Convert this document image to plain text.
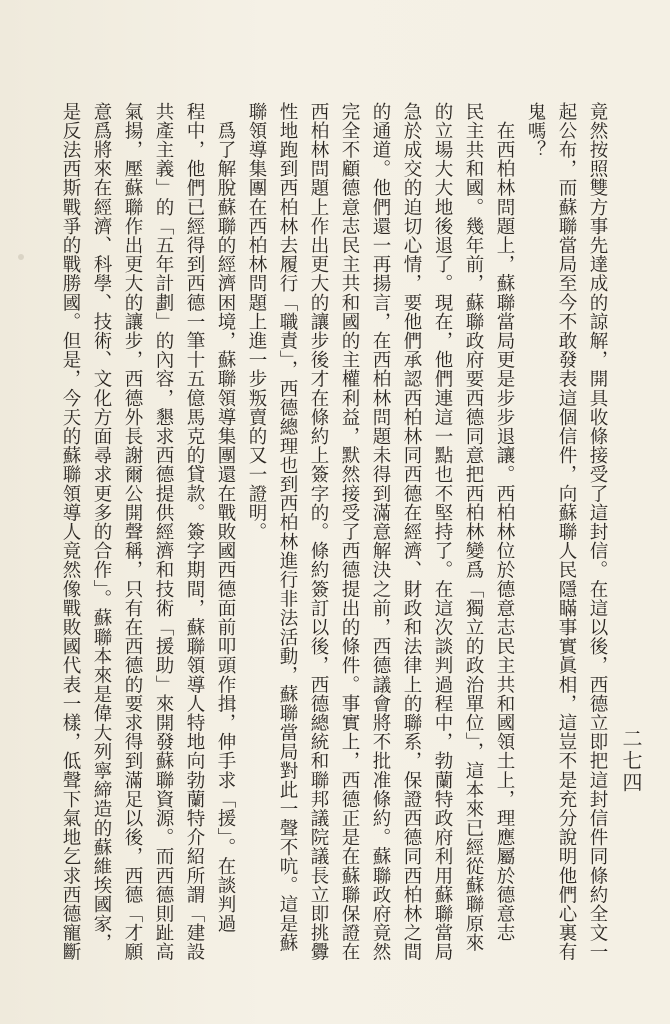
二七四
竟然按照雙方事先達成的諒解，開具收條接受了這封信。在這以後，西德立即把這封信件同條約全文一
起公布，而蘇聯當局至今不敢發表這個信件，向蘇聯人民隱瞞事實眞相，這豈不是充分說明他們心裏有
鬼嗎？
　在西柏林問題上，蘇聯當局更是步步退讓。西柏林位於德意志民主共和國領土上，理應屬於德意志
民主共和國。幾年前，蘇聯政府要西德同意把西柏林變爲「獨立的政治單位」，這本來已經從蘇聯原來
的立場大大地後退了。現在，他們連這一點也不堅持了。在這次談判過程中，勃蘭特政府利用蘇聯當局
急於成交的迫切心情，要他們承認西柏林同西德在經濟、財政和法律上的聯系，保證西德同西柏林之間
的通道。他們還一再揚言，在西柏林問題未得到滿意解決之前，西德議會將不批准條約。蘇聯政府竟然
完全不顧德意志民主共和國的主權利益，默然接受了西德提出的條件。事實上，西德正是在蘇聯保證在
西柏林問題上作出更大的讓步後才在條約上簽字的。條約簽訂以後，西德總統和聯邦議院議長立即挑釁
性地跑到西柏林去履行「職責」，西德總理也到西柏林進行非法活動，蘇聯當局對此一聲不吭。這是蘇
聯領導集團在西柏林問題上進一步叛賣的又一證明。
　爲了解脫蘇聯的經濟困境，蘇聯領導集團還在戰敗國西德面前叩頭作揖，伸手求「援」。在談判過
程中，他們已經得到西德一筆十五億馬克的貸款。簽字期間，蘇聯領導人特地向勃蘭特介紹所謂「建設
共產主義」的「五年計劃」的內容，懇求西德提供經濟和技術「援助」來開發蘇聯資源。而西德則趾高
氣揚，壓蘇聯作出更大的讓步，西德外長謝爾公開聲稱，只有在西德的要求得到滿足以後，西德「才願
意爲將來在經濟、科學、技術、文化方面尋求更多的合作」。蘇聯本來是偉大列寧締造的蘇維埃國家，
是反法西斯戰爭的戰勝國。但是，今天的蘇聯領導人竟然像戰敗國代表一樣，低聲下氣地乞求西德寵斷
